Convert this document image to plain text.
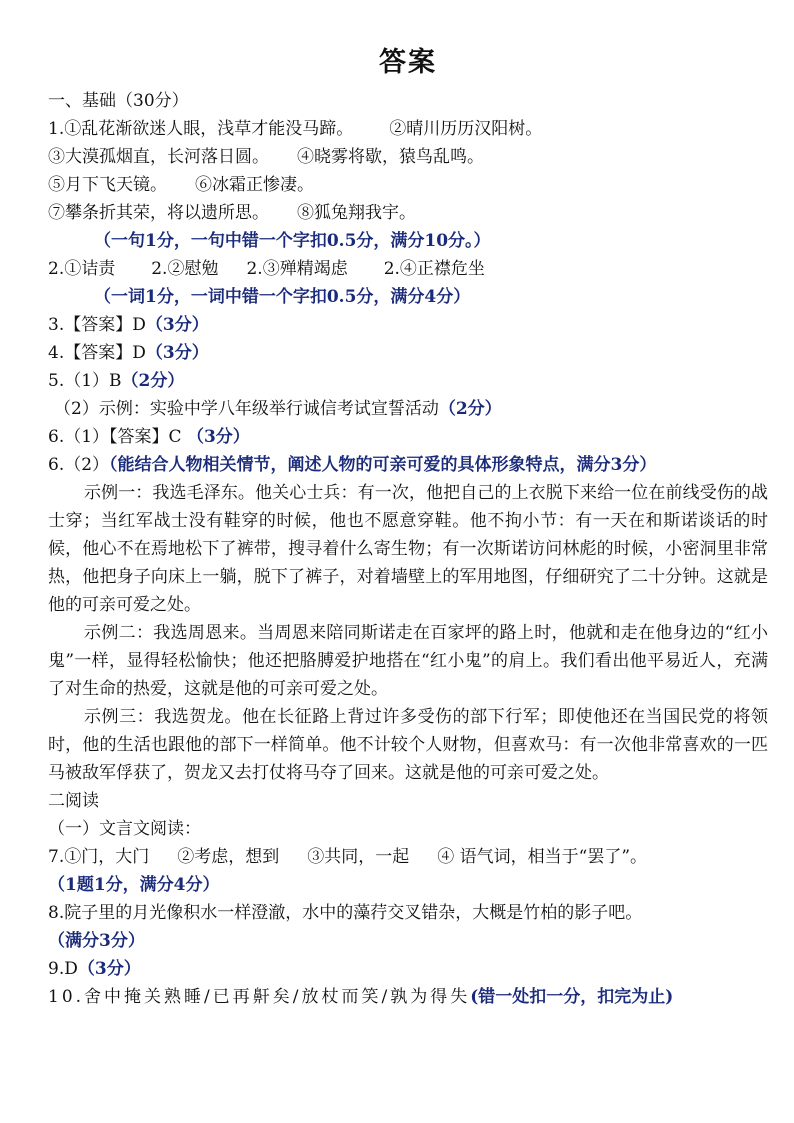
答案
一、基础（30分）
1.①乱花渐欲迷人眼，浅草才能没马蹄。 ②晴川历历汉阳树。
③大漠孤烟直，长河落日圆。 ④晓雾将歇，猿鸟乱鸣。
⑤月下飞天镜。 ⑥冰霜正惨凄。
⑦攀条折其荣，将以遗所思。 ⑧狐兔翔我宇。
（一句1分，一句中错一个字扣0.5分，满分10分。）
2.①诘责 2.②慰勉 2.③殚精竭虑 2.④正襟危坐
（一词1分，一词中错一个字扣0.5分，满分4分）
3.【答案】D（3分）
4.【答案】D（3分）
5.（1）B（2分）
（2）示例：实验中学八年级举行诚信考试宣誓活动（2分）
6.（1）【答案】C （3分）
6.（2）（能结合人物相关情节，阐述人物的可亲可爱的具体形象特点，满分3分）
示例一：我选毛泽东。他关心士兵：有一次，他把自己的上衣脱下来给一位在前线受伤的战士穿；当红军战士没有鞋穿的时候，他也不愿意穿鞋。他不拘小节：有一天在和斯诺谈话的时候，他心不在焉地松下了裤带，搜寻着什么寄生物；有一次斯诺访问林彪的时候，小密洞里非常热，他把身子向床上一躺，脱下了裤子，对着墙壁上的军用地图，仔细研究了二十分钟。这就是他的可亲可爱之处。
示例二：我选周恩来。当周恩来陪同斯诺走在百家坪的路上时，他就和走在他身边的“红小鬼”一样，显得轻松愉快；他还把胳膊爱护地搭在“红小鬼”的肩上。我们看出他平易近人，充满了对生命的热爱，这就是他的可亲可爱之处。
示例三：我选贺龙。他在长征路上背过许多受伤的部下行军；即使他还在当国民党的将领时，他的生活也跟他的部下一样简单。他不计较个人财物，但喜欢马：有一次他非常喜欢的一匹马被敌军俘获了，贺龙又去打仗将马夺了回来。这就是他的可亲可爱之处。
二阅读
（一）文言文阅读：
7.①门，大门 ②考虑，想到 ③共同，一起 ④ 语气词，相当于“罢了”。
（1题1分，满分4分）
8.院子里的月光像积水一样澄澈，水中的藻荇交叉错杂，大概是竹柏的影子吧。
（满分3分）
9.D（3分）
10.舍中掩关熟睡/已再鼾矣/放杖而笑/孰为得失(错一处扣一分，扣完为止)
